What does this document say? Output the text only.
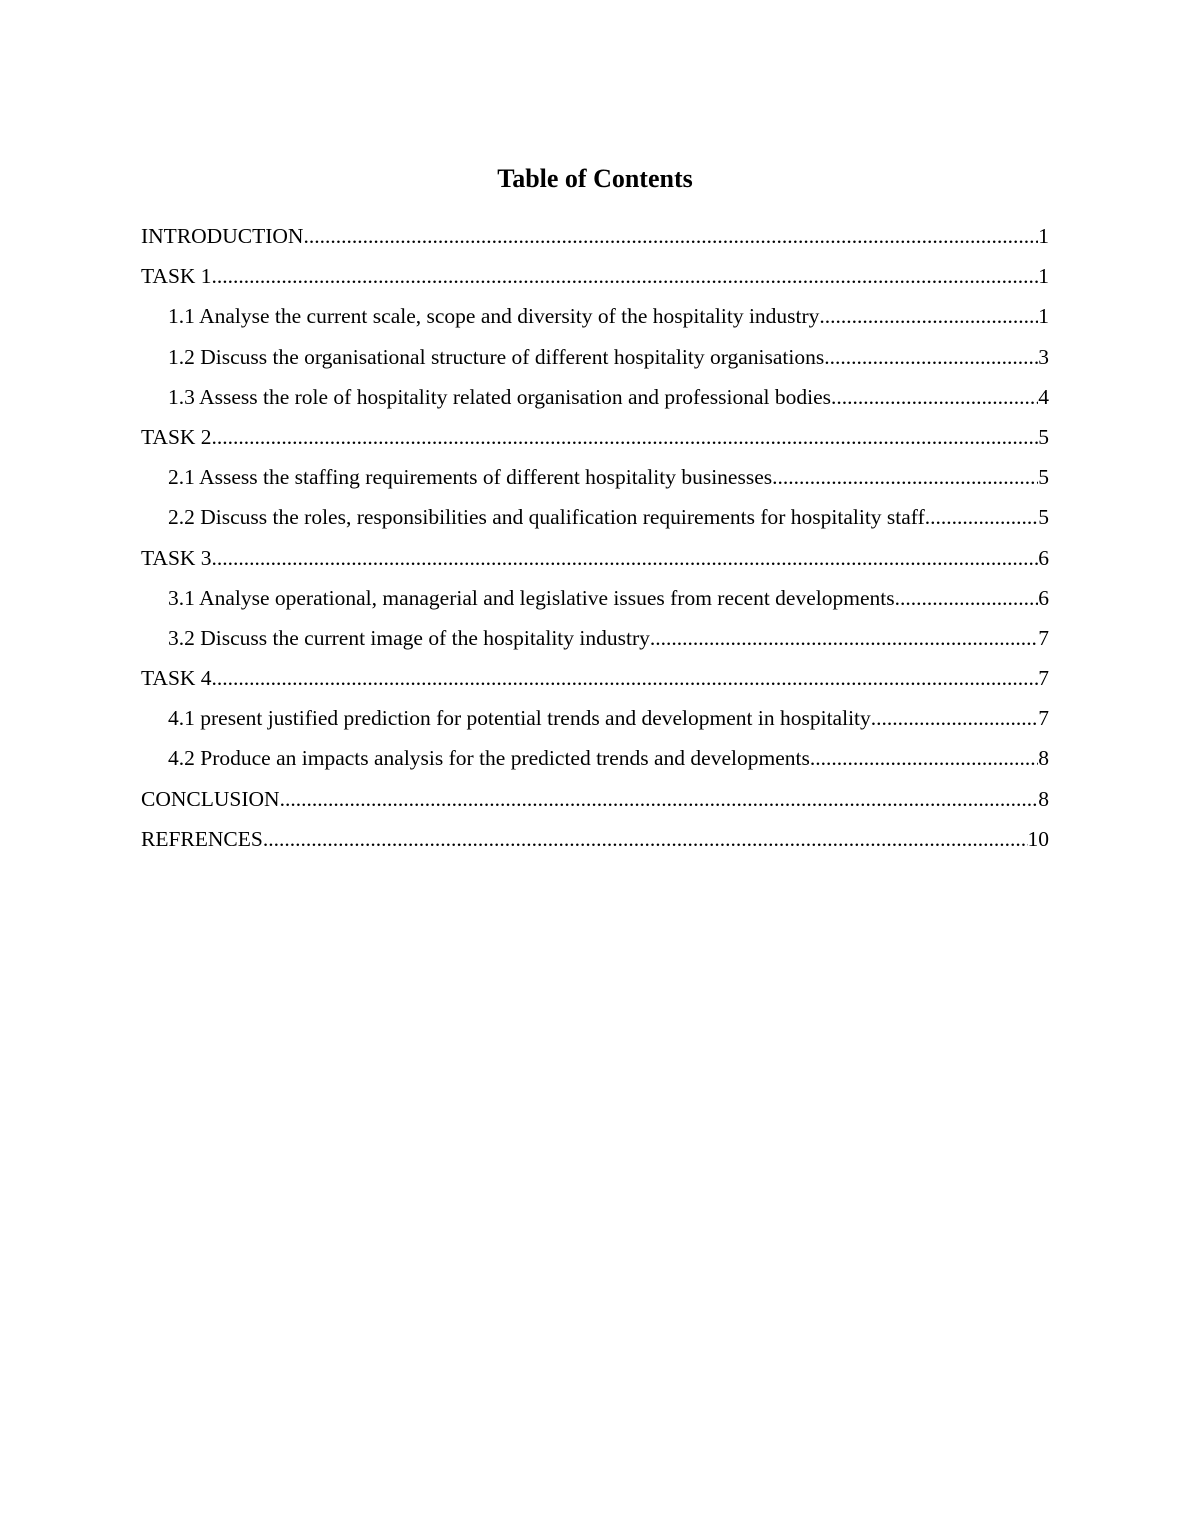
Table of Contents
INTRODUCTION .....	1
TASK 1 .....	1
1.1 Analyse the current scale, scope and diversity of the hospitality industry .....	1
1.2 Discuss the organisational structure of different hospitality organisations .....	3
1.3 Assess the role of hospitality related organisation and professional bodies .....	4
TASK 2 .....	5
2.1 Assess the staffing requirements of different hospitality businesses .....	5
2.2 Discuss the roles, responsibilities and qualification requirements for hospitality staff .....	5
TASK 3 .....	6
3.1 Analyse operational, managerial and legislative issues from recent developments .....	6
3.2 Discuss the current image of the hospitality industry .....	7
TASK 4 .....	7
4.1 present justified prediction for potential trends and development in hospitality .....	7
4.2 Produce an impacts analysis for the predicted trends and developments .....	8
CONCLUSION .....	8
REFRENCES .....	10
